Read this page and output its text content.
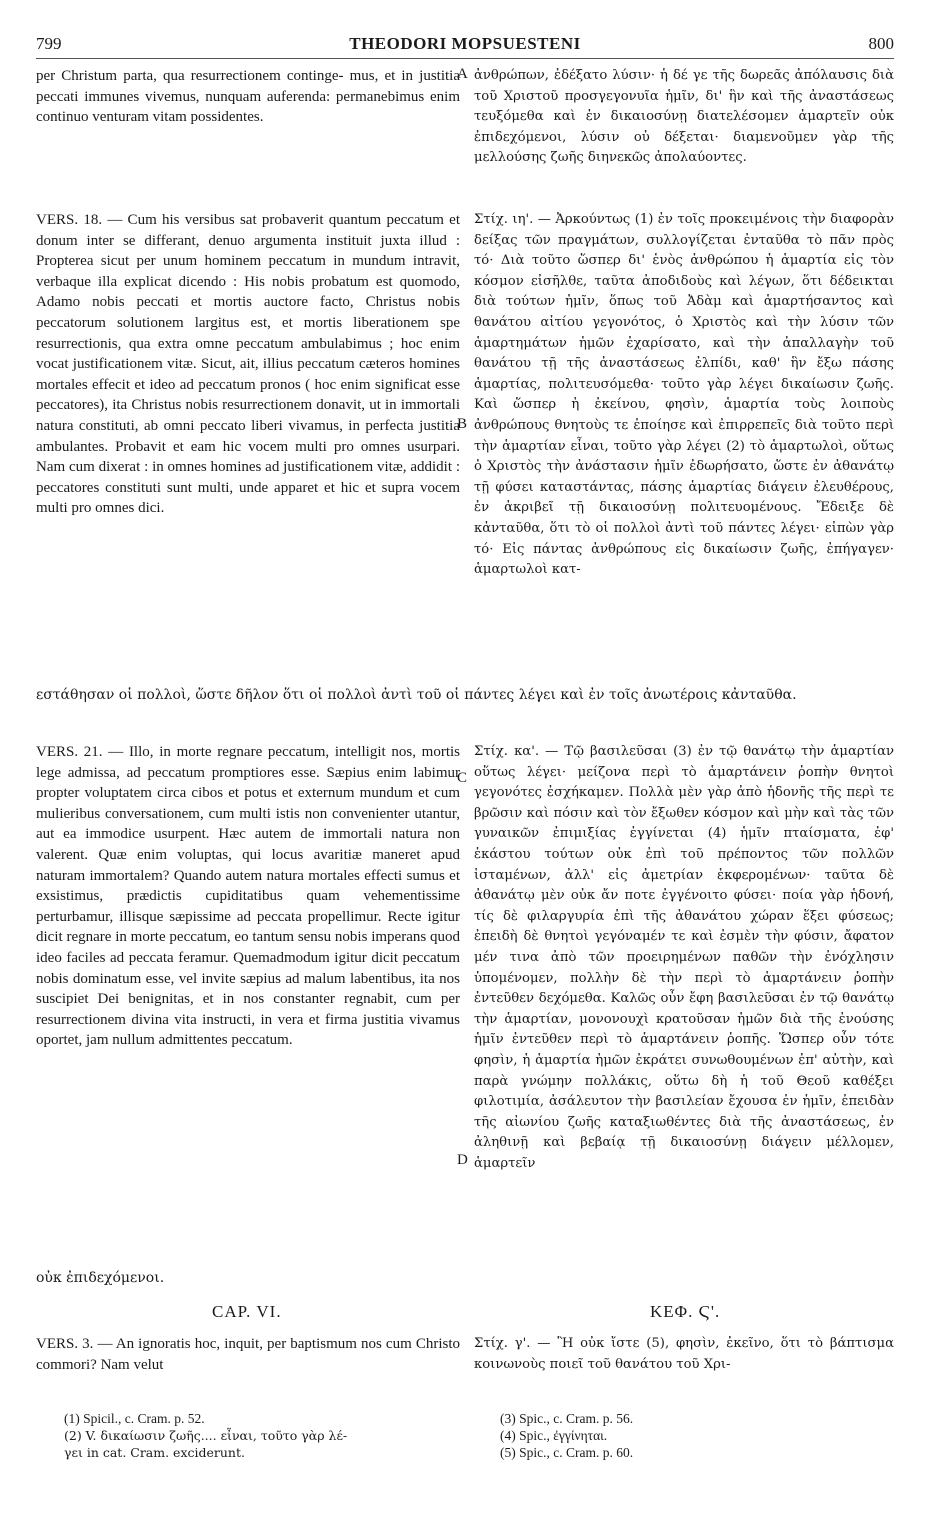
799	THEODORI MOPSUESTENI	800
per Christum parta, qua resurrectionem continge- mus, et in justitia peccati immunes vivemus, nunquam auferenda: permanebimus enim continuo venturam vitam possidentes.
ἀνθρώπων, ἐδέξατο λύσιν· ἡ δέ γε τῆς δωρεᾶς ἀπόλαυσις διὰ τοῦ Χριστοῦ προσγεγονυῖα ἡμῖν, δι' ἣν καὶ τῆς ἀναστάσεως τευξόμεθα καὶ ἐν δικαιοσύνῃ διατελέσομεν ἁμαρτεῖν οὐκ ἐπιδεχόμενοι, λύσιν οὐ δέξεται· διαμενοῦμεν γὰρ τῆς μελλούσης ζωῆς διηνεκῶς ἀπολαύοντες.
A
VERS. 18. — Cum his versibus sat probaverit quantum peccatum et donum inter se differant, denuo argumenta instituit juxta illud : Propterea sicut per unum hominem peccatum in mundum intravit, verbaque illa explicat dicendo : His nobis probatum est quomodo, Adamo nobis peccati et mortis auctore facto, Christus nobis peccatorum solutionem largitus est, et mortis liberationem spe resurrectionis, qua extra omne peccatum ambulabimus ; hoc enim vocat justificationem vitæ. Sicut, ait, illius peccatum cæteros homines mortales effecit et ideo ad peccatum pronos ( hoc enim significat esse peccatores), ita Christus nobis resurrectionem donavit, ut in immortali natura constituti, ab omni peccato liberi vivamus, in perfecta justitia ambulantes. Probavit et eam hic vocem multi pro omnes usurpari. Nam cum dixerat : in omnes homines ad justificationem vitæ, addidit : peccatores constituti sunt multi, unde apparet et hic et supra vocem multi pro omnes dici.
Στίχ. ιη'. — Ἀρκούντως (1) ἐν τοῖς προκειμένοις τὴν διαφορὰν δείξας τῶν πραγμάτων, συλλογίζεται ἐνταῦθα τὸ πᾶν πρὸς τό· Διὰ τοῦτο ὥσπερ δι' ἑνὸς ἀνθρώπου ἡ ἁμαρτία εἰς τὸν κόσμον εἰσῆλθε, ταῦτα ἀποδιδοὺς καὶ λέγων, ὅτι δέδεικται διὰ τούτων ἡμῖν, ὅπως τοῦ Ἀδὰμ καὶ ἁμαρτήσαντος καὶ θανάτου αἰτίου γεγονότος, ὁ Χριστὸς καὶ τὴν λύσιν τῶν ἁμαρτημάτων ἡμῶν ἐχαρίσατο, καὶ τὴν ἀπαλλαγὴν τοῦ θανάτου τῇ τῆς ἀναστάσεως ἐλπίδι, καθ' ἣν ἔξω πάσης ἁμαρτίας, πολιτευσόμεθα· τοῦτο γὰρ λέγει δικαίωσιν ζωῆς. Καὶ ὥσπερ ἡ ἐκείνου, φησὶν, ἁμαρτία τοὺς λοιποὺς ἀνθρώπους θνητοὺς τε ἐποίησε καὶ ἐπιρρεπεῖς διὰ τοῦτο περὶ τὴν ἁμαρτίαν εἶναι, τοῦτο γὰρ λέγει (2) τὸ ἁμαρτωλοὶ, οὕτως ὁ Χριστὸς τὴν ἀνάστασιν ἡμῖν ἐδωρήσατο, ὥστε ἐν ἀθανάτῳ τῇ φύσει καταστάντας, πάσης ἁμαρτίας διάγειν ἐλευθέρους, ἐν ἀκριβεῖ τῇ δικαιοσύνῃ πολιτευομένους. Ἔδειξε δὲ κἀνταῦθα, ὅτι τὸ οἱ πολλοὶ ἀντὶ τοῦ πάντες λέγει· εἰπὼν γὰρ τό· Εἰς πάντας ἀνθρώπους εἰς δικαίωσιν ζωῆς, ἐπήγαγεν· ἁμαρτωλοὶ κατ-
B
εστάθησαν οἱ πολλοὶ, ὥστε δῆλον ὅτι οἱ πολλοὶ ἀντὶ τοῦ οἱ πάντες λέγει καὶ ἐν τοῖς ἀνωτέροις κἀνταῦθα.
VERS. 21. — Illo, in morte regnare peccatum, intelligit nos, mortis lege admissa, ad peccatum promptiores esse. Sæpius enim labimur propter voluptatem circa cibos et potus et externum mundum et cum mulieribus conversationem, cum multi istis non convenienter utantur, aut ea immodice usurpent. Hæc autem de immortali natura non valerent. Quæ enim voluptas, qui locus avaritiæ maneret apud naturam immortalem? Quando autem natura mortales effecti sumus et exsistimus, prædictis cupiditatibus quam vehementissime perturbamur, illisque sæpissime ad peccata propellimur. Recte igitur dicit regnare in morte peccatum, eo tantum sensu nobis imperans quod ideo faciles ad peccata feramur. Quemadmodum igitur dicit peccatum nobis dominatum esse, vel invite sæpius ad malum labentibus, ita nos suscipiet Dei benignitas, et in nos constanter regnabit, cum per resurrectionem divina vita instructi, in vera et firma justitia vivamus oportet, jam nullum admittentes peccatum.
Στίχ. κα'. — Τῷ βασιλεῦσαι (3) ἐν τῷ θανάτῳ τὴν ἁμαρτίαν οὕτως λέγει· μείζονα περὶ τὸ ἁμαρτάνειν ῥοπὴν θνητοὶ γεγονότες ἐσχήκαμεν. Πολλὰ μὲν γὰρ ἀπὸ ἡδονῆς τῆς περὶ τε βρῶσιν καὶ πόσιν καὶ τὸν ἔξωθεν κόσμον καὶ μὴν καὶ τὰς τῶν γυναικῶν ἐπιμιξίας ἐγγίνεται (4) ἡμῖν πταίσματα, ἐφ' ἑκάστου τούτων οὐκ ἐπὶ τοῦ πρέποντος τῶν πολλῶν ἱσταμένων, ἀλλ' εἰς ἀμετρίαν ἐκφερομένων· ταῦτα δὲ ἀθανάτῳ μὲν οὐκ ἄν ποτε ἐγγένοιτο φύσει· ποία γὰρ ἡδονή, τίς δὲ φιλαργυρία ἐπὶ τῆς ἀθανάτου χώραν ἕξει φύσεως; ἐπειδὴ δὲ θνητοὶ γεγόναμέν τε καὶ ἐσμὲν τὴν φύσιν, ἄφατον μέν τινα ἀπὸ τῶν προειρημένων παθῶν τὴν ἐνόχλησιν ὑπομένομεν, πολλὴν δὲ τὴν περὶ τὸ ἁμαρτάνειν ῥοπὴν ἐντεῦθεν δεχόμεθα. Καλῶς οὖν ἔφη βασιλεῦσαι ἐν τῷ θανάτῳ τὴν ἁμαρτίαν, μονονουχὶ κρατοῦσαν ἡμῶν διὰ τῆς ἐνούσης ἡμῖν ἐντεῦθεν περὶ τὸ ἁμαρτάνειν ῥοπῆς. Ὥσπερ οὖν τότε φησὶν, ἡ ἁμαρτία ἡμῶν ἐκράτει συνωθουμένων ἐπ' αὐτὴν, καὶ παρὰ γνώμην πολλάκις, οὕτω δὴ ἡ τοῦ Θεοῦ καθέξει φιλοτιμία, ἀσάλευτον τὴν βασιλείαν ἔχουσα ἐν ἡμῖν, ἐπειδὰν τῆς αἰωνίου ζωῆς καταξιωθέντες διὰ τῆς ἀναστάσεως, ἐν ἀληθινῇ καὶ βεβαίᾳ τῇ δικαιοσύνῃ διάγειν μέλλομεν, ἁμαρτεῖν
C
D
οὐκ ἐπιδεχόμενοι.
CAP. VI.	ΚΕΦ. Ϛ'.
VERS. 3. — An ignoratis hoc, inquit, per baptismum nos cum Christo commori? Nam velut
Στίχ. γ'. — Ἢ οὐκ ἴστε (5), φησὶν, ἐκεῖνο, ὅτι τὸ βάπτισμα κοινωνοὺς ποιεῖ τοῦ θανάτου τοῦ Χρι-
(1) Spicil., c. Cram. p. 52.
(2) V. δικαίωσιν ζωῆς.... εἶναι, τοῦτο γὰρ λέ-
γει in cat. Cram. exciderunt.
(3) Spic., c. Cram. p. 56.
(4) Spic., ἐγγίνηται.
(5) Spic., c. Cram. p. 60.
